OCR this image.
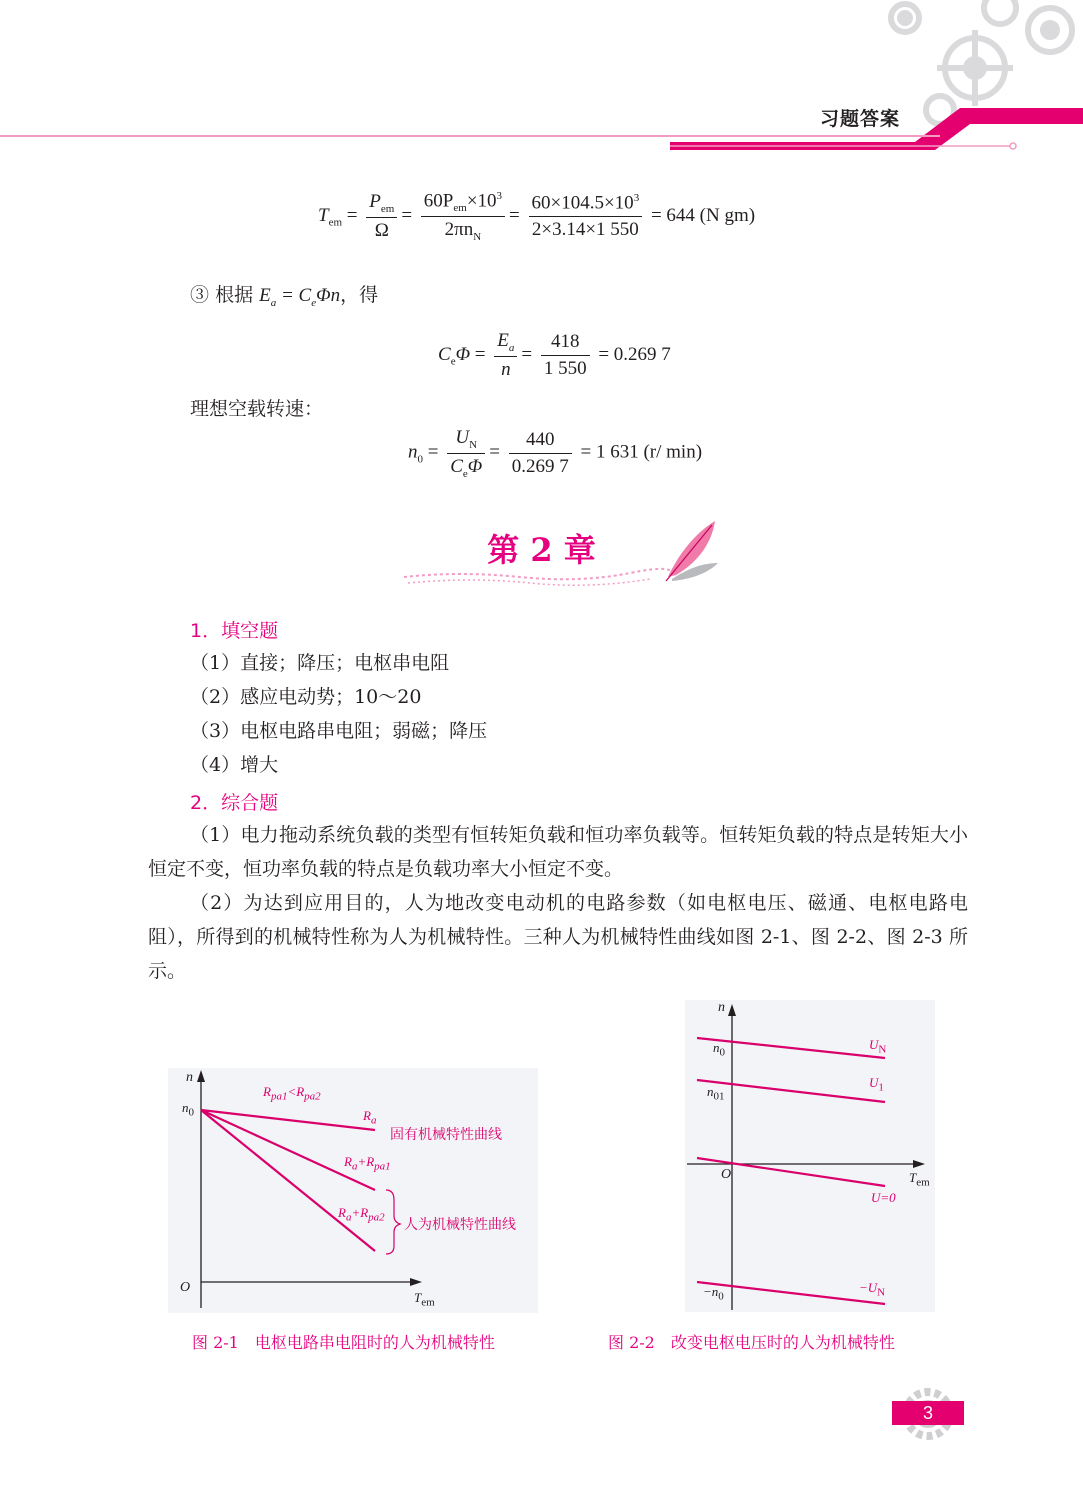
习题答案
$T_{em} = \frac{P_{em}}{\Omega} = \frac{60P_{em}\times 10^3}{2\pi n_N} = \frac{60\times 104.5\times 10^3}{2\times 3.14\times 1 550} = 644$ (N gm)
③ 根据 $E_a = C_e\Phi n$，得
$C_e\Phi = \frac{E_a}{n} = \frac{418}{1 550} = 0.269$ 7
理想空载转速：
$n_0 = \frac{U_N}{C_e\Phi} = \frac{440}{0.269 7} = 1$ 631 (r/ min)
第 2 章
1．填空题
（1）直接；降压；电枢串电阻
（2）感应电动势；10～20
（3）电枢电路串电阻；弱磁；降压
（4）增大
2．综合题
（1）电力拖动系统负载的类型有恒转矩负载和恒功率负载等。恒转矩负载的特点是转矩大小恒定不变，恒功率负载的特点是负载功率大小恒定不变。
（2）为达到应用目的，人为地改变电动机的电路参数（如电枢电压、磁通、电枢电路电阻），所得到的机械特性称为人为机械特性。三种人为机械特性曲线如图 2-1、图 2-2、图 2-3 所示。
n
$n_0$
O
$T_{em}$
$R_{pa1}<R_{pa2}$
$R_a$
$R_a+R_{pa1}$
$R_a+R_{pa2}$
固有机械特性曲线
人为机械特性曲线
图 2-1　电枢电路串电阻时的人为机械特性
n
$n_0$
$n_{01}$
O	$T_{em}$
$-n_0$
$U_N$
$U_1$
U=0
$-U_N$
图 2-2　改变电枢电压时的人为机械特性
3
